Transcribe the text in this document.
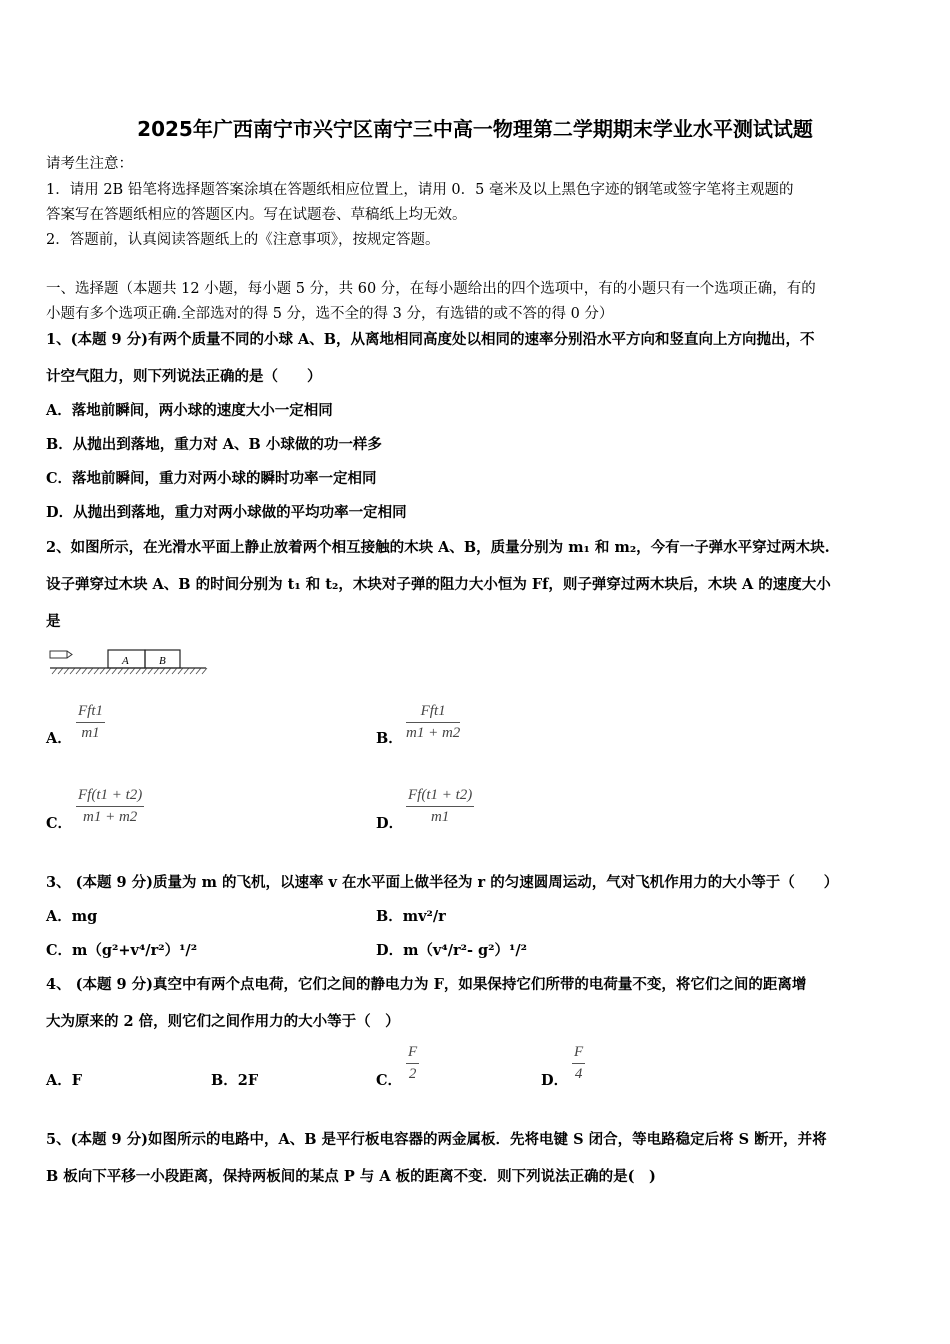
2025年广西南宁市兴宁区南宁三中高一物理第二学期期末学业水平测试试题
请考生注意：
1．请用 2B 铅笔将选择题答案涂填在答题纸相应位置上，请用 0．5 毫米及以上黑色字迹的钢笔或签字笔将主观题的
答案写在答题纸相应的答题区内。写在试题卷、草稿纸上均无效。
2．答题前，认真阅读答题纸上的《注意事项》，按规定答题。
一、选择题（本题共 12 小题，每小题 5 分，共 60 分，在每小题给出的四个选项中，有的小题只有一个选项正确，有的
小题有多个选项正确.全部选对的得 5 分，选不全的得 3 分，有选错的或不答的得 0 分）
1、(本题 9 分)有两个质量不同的小球 A、B，从离地相同高度处以相同的速率分别沿水平方向和竖直向上方向抛出，不
计空气阻力，则下列说法正确的是（　　）
A．落地前瞬间，两小球的速度大小一定相同
B．从抛出到落地，重力对 A、B 小球做的功一样多
C．落地前瞬间，重力对两小球的瞬时功率一定相同
D．从抛出到落地，重力对两小球做的平均功率一定相同
2、如图所示，在光滑水平面上静止放着两个相互接触的木块 A、B，质量分别为 m₁ 和 m₂，今有一子弹水平穿过两木块.
设子弹穿过木块 A、B 的时间分别为 t₁ 和 t₂，木块对子弹的阻力大小恒为 Ff，则子弹穿过两木块后，木块 A 的速度大小
是
A	B
A．
Fft1
m1	B．
Fft1
m1 + m2
C． $\frac{Ff(t1 + t2)}{m1 + m2}$	D． $\frac{Ff(t1 + t2)}{m1}$
3、 (本题 9 分)质量为 m 的飞机，以速率 v 在水平面上做半径为 r 的匀速圆周运动，气对飞机作用力的大小等于（　　）
A．mg	B．mv²/r
C．m（g²+v⁴/r²）¹/²	D．m（v⁴/r²- g²）¹/²
4、 (本题 9 分)真空中有两个点电荷，它们之间的静电力为 F，如果保持它们所带的电荷量不变，将它们之间的距离增
大为原来的 2 倍，则它们之间作用力的大小等于（　）
A．F	B．2F	C． $\frac{F}{2}$	D． $\frac{F}{4}$
5、(本题 9 分)如图所示的电路中，A、B 是平行板电容器的两金属板．先将电键 S 闭合，等电路稳定后将 S 断开，并将
B 板向下平移一小段距离，保持两板间的某点 P 与 A 板的距离不变．则下列说法正确的是(　)
